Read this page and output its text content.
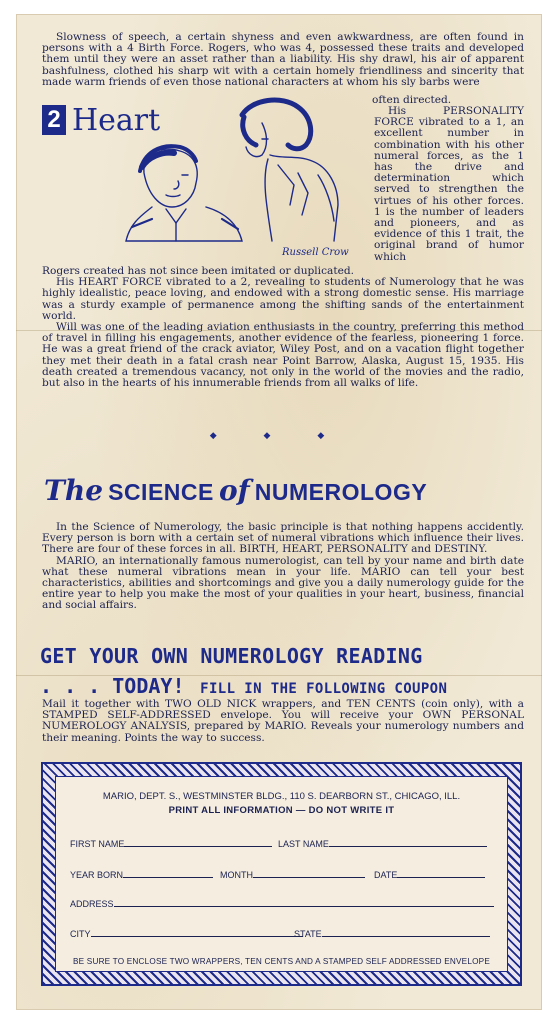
Slowness of speech, a certain shyness and even awkwardness, are often found in persons with a 4 Birth Force. Rogers, who was 4, possessed these traits and developed them until they were an asset rather than a liability. His shy drawl, his air of apparent bashfulness, clothed his sharp wit with a certain homely friendliness and sincerity that made warm friends of even those national characters at whom his sly barbs were

often directed.

2 Heart
Russell Crow

His PERSONALITY FORCE vibrated to a 1, an excellent number in combination with his other numeral forces, as the 1 has the drive and determination which served to strengthen the virtues of his other forces. 1 is the number of leaders and pioneers, and as evidence of this 1 trait, the original brand of humor which

Rogers created has not since been imitated or duplicated.

His HEART FORCE vibrated to a 2, revealing to students of Numerology that he was highly idealistic, peace loving, and endowed with a strong domestic sense. His marriage was a sturdy example of permanence among the shifting sands of the entertainment world.

Will was one of the leading aviation enthusiasts in the country, preferring this method of travel in filling his engagements, another evidence of the fearless, pioneering 1 force. He was a great friend of the crack aviator, Wiley Post, and on a vacation flight together they met their death in a fatal crash near Point Barrow, Alaska, August 15, 1935. His death created a tremendous vacancy, not only in the world of the movies and the radio, but also in the hearts of his innumerable friends from all walks of life.

◆ ◆ ◆
The SCIENCE of NUMEROLOGY

In the Science of Numerology, the basic principle is that nothing happens accidently. Every person is born with a certain set of numeral vibrations which influence their lives. There are four of these forces in all. BIRTH, HEART, PERSONALITY and DESTINY.

MARIO, an internationally famous numerologist, can tell by your name and birth date what these numeral vibrations mean in your life. MARIO can tell your best characteristics, abilities and shortcomings and give you a daily numerology guide for the entire year to help you make the most of your qualities in your heart, business, financial and social affairs.

GET YOUR OWN NUMEROLOGY READING
. . . TODAY! FILL IN THE FOLLOWING COUPON

Mail it together with TWO OLD NICK wrappers, and TEN CENTS (coin only), with a STAMPED SELF-ADDRESSED envelope. You will receive your OWN PERSONAL NUMEROLOGY ANALYSIS, prepared by MARIO. Reveals your numerology numbers and their meaning. Points the way to success.

MARIO, DEPT. S., WESTMINSTER BLDG., 110 S. DEARBORN ST., CHICAGO, ILL.
PRINT ALL INFORMATION — DO NOT WRITE IT
FIRST NAME	LAST NAME
YEAR BORN	MONTH	DATE
ADDRESS
CITY	STATE
BE SURE TO ENCLOSE TWO WRAPPERS, TEN CENTS AND A STAMPED SELF ADDRESSED ENVELOPE
